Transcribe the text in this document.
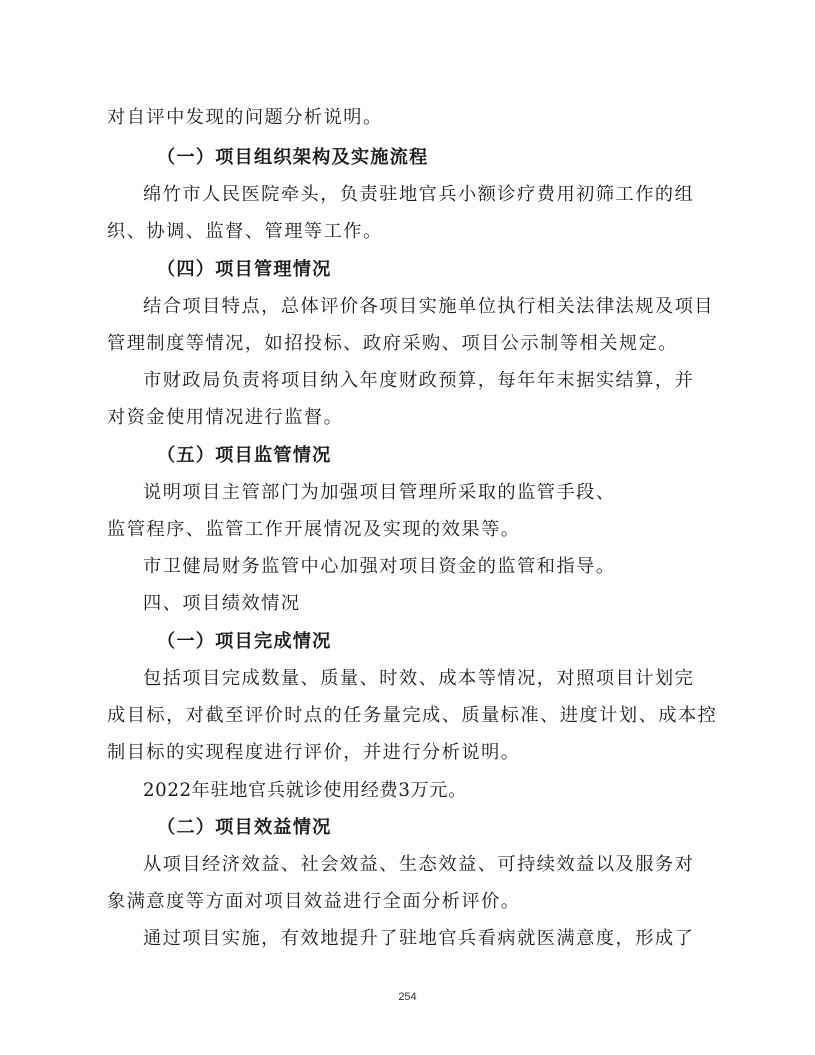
对自评中发现的问题分析说明。

（一）项目组织架构及实施流程

绵竹市人民医院牵头，负责驻地官兵小额诊疗费用初筛工作的组

织、协调、监督、管理等工作。

（四）项目管理情况

结合项目特点，总体评价各项目实施单位执行相关法律法规及项目

管理制度等情况，如招投标、政府采购、项目公示制等相关规定。

市财政局负责将项目纳入年度财政预算，每年年末据实结算，并

对资金使用情况进行监督。

（五）项目监管情况

说明项目主管部门为加强项目管理所采取的监管手段、

监管程序、监管工作开展情况及实现的效果等。

市卫健局财务监管中心加强对项目资金的监管和指导。

四、项目绩效情况

（一）项目完成情况

包括项目完成数量、质量、时效、成本等情况，对照项目计划完

成目标，对截至评价时点的任务量完成、质量标准、进度计划、成本控

制目标的实现程度进行评价，并进行分析说明。

2022年驻地官兵就诊使用经费3万元。

（二）项目效益情况

从项目经济效益、社会效益、生态效益、可持续效益以及服务对

象满意度等方面对项目效益进行全面分析评价。

通过项目实施，有效地提升了驻地官兵看病就医满意度，形成了

254
